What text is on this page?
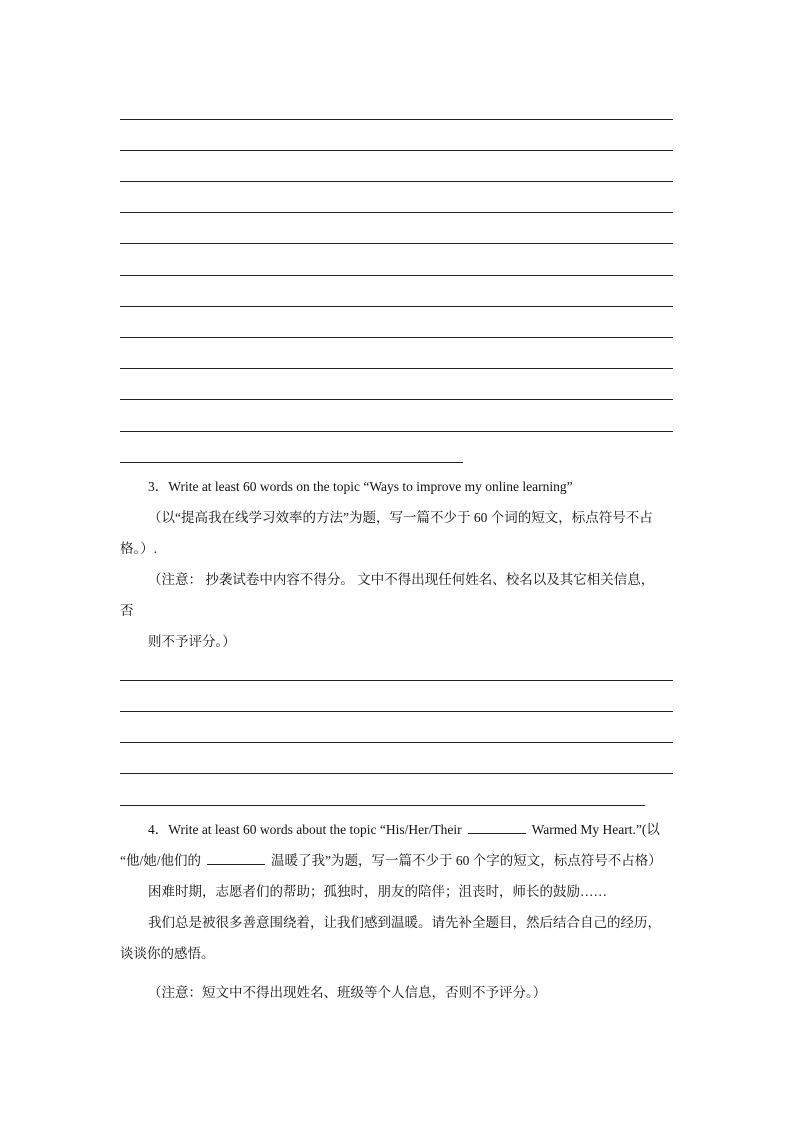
3．Write at least 60 words on the topic “Ways to improve my online learning”
（以“提高我在线学习效率的方法”为题，写一篇不少于 60 个词的短文，标点符号不占
格。）.
（注意： 抄袭试卷中内容不得分。 文中不得出现任何姓名、校名以及其它相关信息，
否
则不予评分。）
4．Write at least 60 words about the topic “His/Her/Their	Warmed My Heart.”(以
“他/她/他们的	温暖了我”为题，写一篇不少于 60 个字的短文，标点符号不占格）
困难时期，志愿者们的帮助；孤独时，朋友的陪伴；沮丧时，师长的鼓励……
我们总是被很多善意围绕着，让我们感到温暖。请先补全题目，然后结合自己的经历，
谈谈你的感悟。
（注意：短文中不得出现姓名、班级等个人信息，否则不予评分。）
